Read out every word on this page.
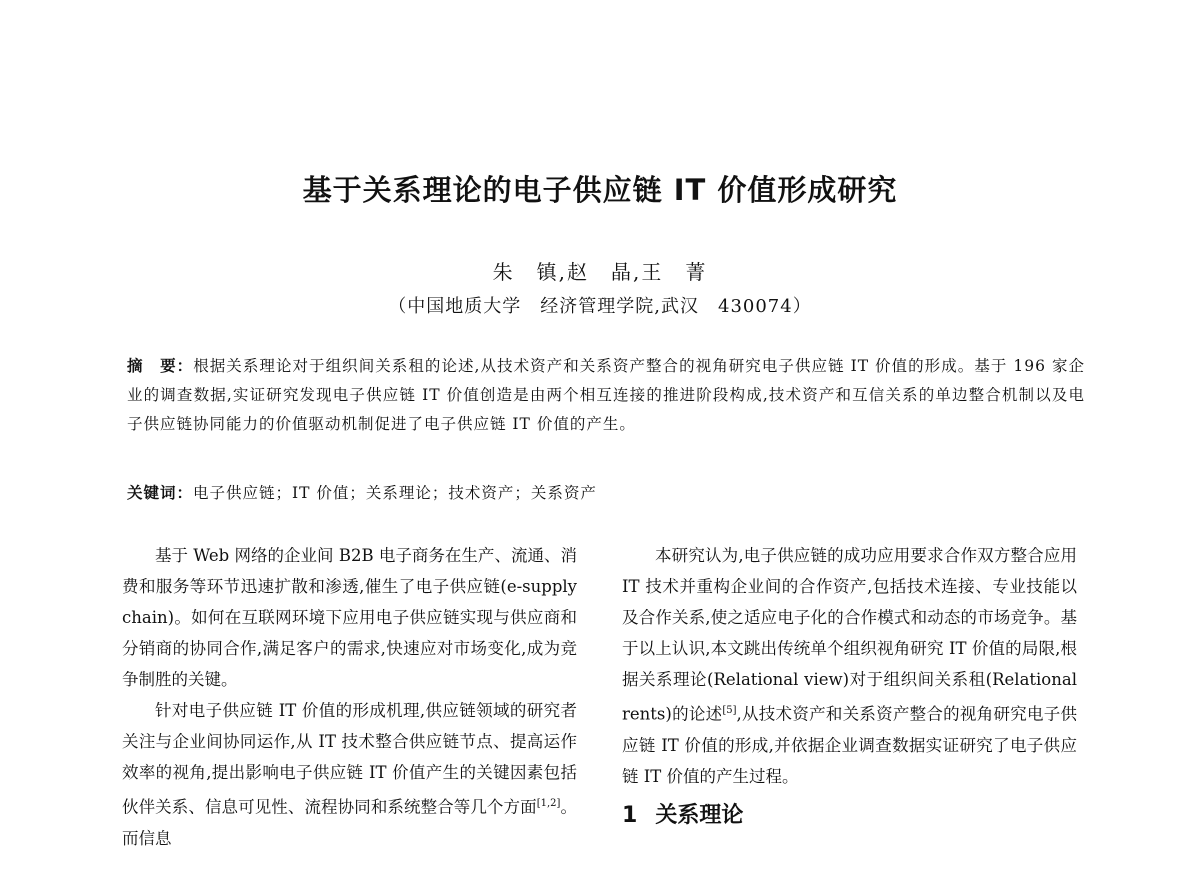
基于关系理论的电子供应链 IT 价值形成研究
朱　镇,赵　晶,王　菁
（中国地质大学　经济管理学院,武汉　430074）
摘　要：根据关系理论对于组织间关系租的论述,从技术资产和关系资产整合的视角研究电子供应链 IT 价值的形成。基于 196 家企业的调查数据,实证研究发现电子供应链 IT 价值创造是由两个相互连接的推进阶段构成,技术资产和互信关系的单边整合机制以及电子供应链协同能力的价值驱动机制促进了电子供应链 IT 价值的产生。
关键词：电子供应链；IT 价值；关系理论；技术资产；关系资产

基于 Web 网络的企业间 B2B 电子商务在生产、流通、消费和服务等环节迅速扩散和渗透,催生了电子供应链(e-supply chain)。如何在互联网环境下应用电子供应链实现与供应商和分销商的协同合作,满足客户的需求,快速应对市场变化,成为竞争制胜的关键。

针对电子供应链 IT 价值的形成机理,供应链领域的研究者关注与企业间协同运作,从 IT 技术整合供应链节点、提高运作效率的视角,提出影响电子供应链 IT 价值产生的关键因素包括伙伴关系、信息可见性、流程协同和系统整合等几个方面[1,2]。而信息

本研究认为,电子供应链的成功应用要求合作双方整合应用 IT 技术并重构企业间的合作资产,包括技术连接、专业技能以及合作关系,使之适应电子化的合作模式和动态的市场竞争。基于以上认识,本文跳出传统单个组织视角研究 IT 价值的局限,根据关系理论(Relational view)对于组织间关系租(Relational rents)的论述[5],从技术资产和关系资产整合的视角研究电子供应链 IT 价值的形成,并依据企业调查数据实证研究了电子供应链 IT 价值的产生过程。

1 关系理论
